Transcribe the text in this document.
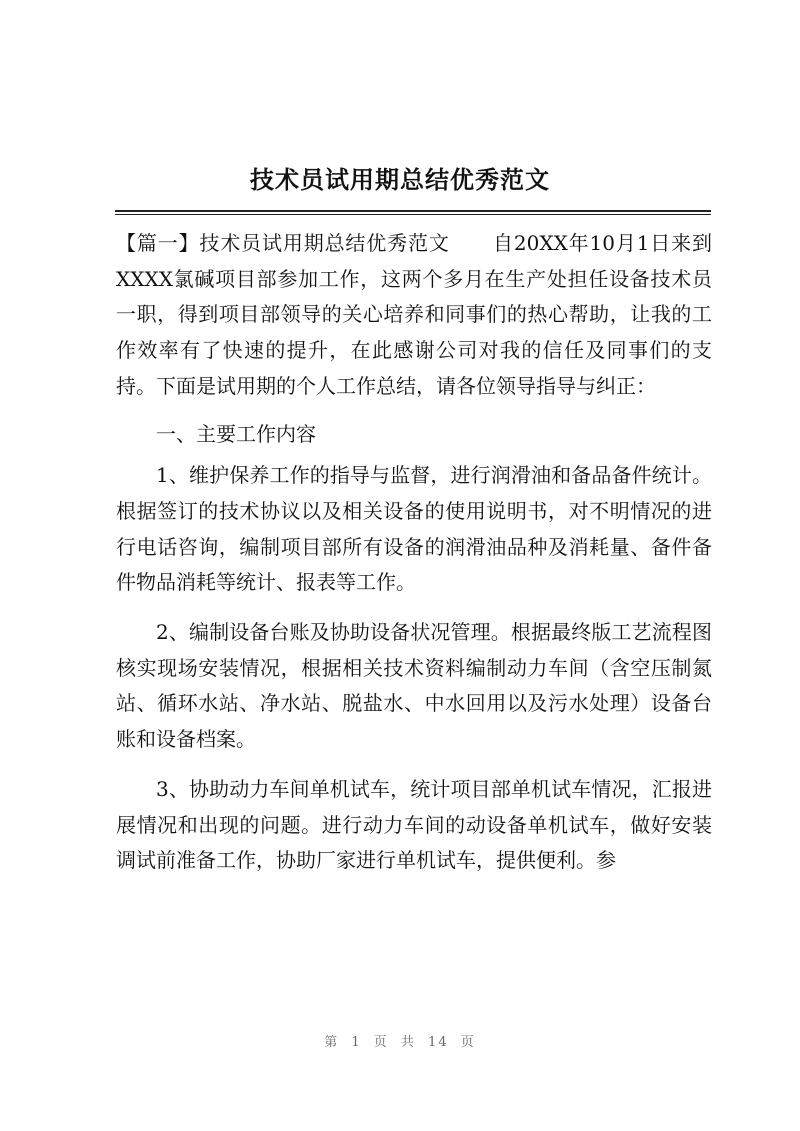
技术员试用期总结优秀范文

【篇一】技术员试用期总结优秀范文 自20XX年10月1日来到XXXX氯碱项目部参加工作，这两个多月在生产处担任设备技术员一职，得到项目部领导的关心培养和同事们的热心帮助，让我的工作效率有了快速的提升，在此感谢公司对我的信任及同事们的支持。下面是试用期的个人工作总结，请各位领导指导与纠正：

一、主要工作内容

1、维护保养工作的指导与监督，进行润滑油和备品备件统计。根据签订的技术协议以及相关设备的使用说明书，对不明情况的进行电话咨询，编制项目部所有设备的润滑油品种及消耗量、备件备件物品消耗等统计、报表等工作。

2、编制设备台账及协助设备状况管理。根据最终版工艺流程图核实现场安装情况，根据相关技术资料编制动力车间（含空压制氮站、循环水站、净水站、脱盐水、中水回用以及污水处理）设备台账和设备档案。

3、协助动力车间单机试车，统计项目部单机试车情况，汇报进展情况和出现的问题。进行动力车间的动设备单机试车，做好安装调试前准备工作，协助厂家进行单机试车，提供便利。参

第 1 页 共 14 页
